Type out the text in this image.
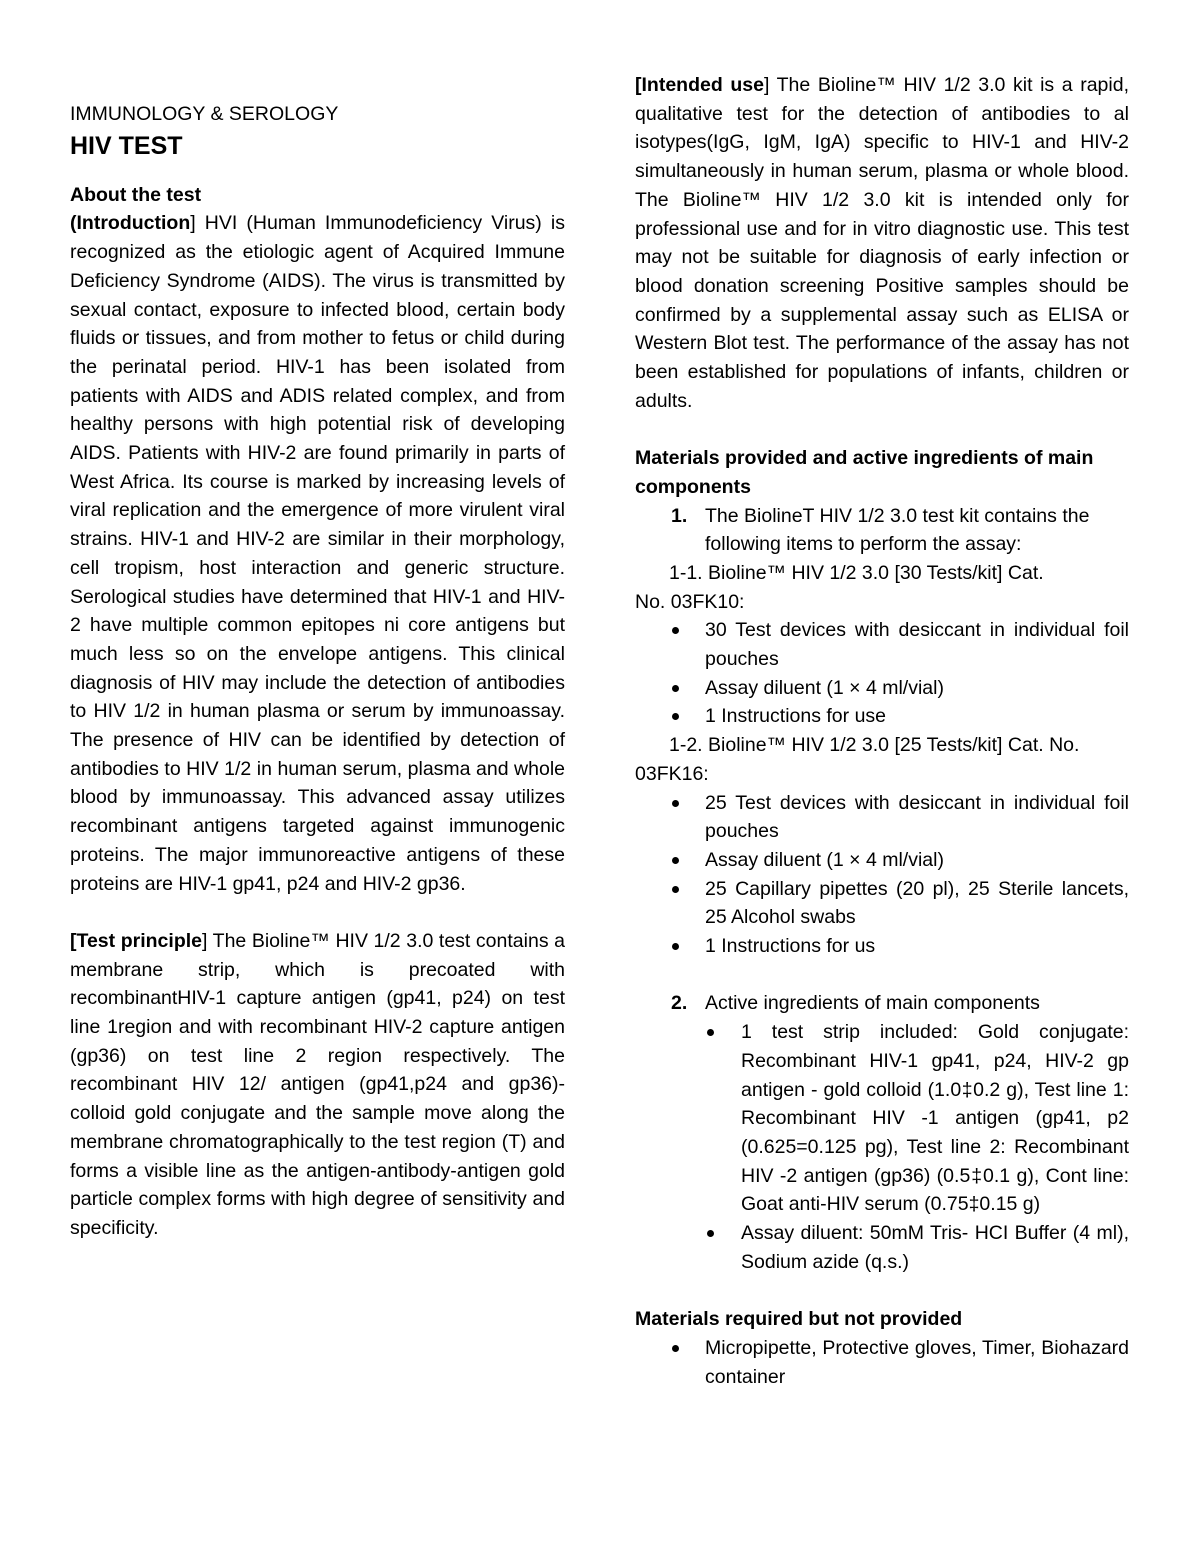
IMMUNOLOGY & SEROLOGY
HIV TEST
About the test

(Introduction] HVI (Human Immunodeficiency Virus) is recognized as the etiologic agent of Acquired Immune Deficiency Syndrome (AIDS). The virus is transmitted by sexual contact, exposure to infected blood, certain body fluids or tissues, and from mother to fetus or child during the perinatal period. HIV-1 has been isolated from patients with AIDS and ADIS related complex, and from healthy persons with high potential risk of developing AIDS. Patients with HIV-2 are found primarily in parts of West Africa. Its course is marked by increasing levels of viral replication and the emergence of more virulent viral strains. HIV-1 and HIV-2 are similar in their morphology, cell tropism, host interaction and generic structure. Serological studies have determined that HIV-1 and HIV-2 have multiple common epitopes ni core antigens but much less so on the envelope antigens. This clinical diagnosis of HIV may include the detection of antibodies to HIV 1/2 in human plasma or serum by immunoassay. The presence of HIV can be identified by detection of antibodies to HIV 1/2 in human serum, plasma and whole blood by immunoassay. This advanced assay utilizes recombinant antigens targeted against immunogenic proteins. The major immunoreactive antigens of these proteins are HIV-1 gp41, p24 and HIV-2 gp36.

[Test principle] The Bioline™ HIV 1/2 3.0 test contains a membrane strip, which is precoated with recombinantHIV-1 capture antigen (gp41, p24) on test line 1region and with recombinant HIV-2 capture antigen (gp36) on test line 2 region respectively. The recombinant HIV 12/ antigen (gp41,p24 and gp36)-colloid gold conjugate and the sample move along the membrane chromatographically to the test region (T) and forms a visible line as the antigen-antibody-antigen gold particle complex forms with high degree of sensitivity and specificity.

[Intended use] The Bioline™ HIV 1/2 3.0 kit is a rapid, qualitative test for the detection of antibodies to al isotypes(IgG, IgM, IgA) specific to HIV-1 and HIV-2 simultaneously in human serum, plasma or whole blood. The Bioline™ HIV 1/2 3.0 kit is intended only for professional use and for in vitro diagnostic use. This test may not be suitable for diagnosis of early infection or blood donation screening Positive samples should be confirmed by a supplemental assay such as ELISA or Western Blot test. The performance of the assay has not been established for populations of infants, children or adults.

Materials provided and active ingredients of main components
1. The BiolineT HIV 1/2 3.0 test kit contains the following items to perform the assay:
1-1. Bioline™ HIV 1/2 3.0 [30 Tests/kit] Cat.
No. 03FK10:
30 Test devices with desiccant in individual foil pouches
Assay diluent (1 × 4 ml/vial)
1 Instructions for use
1-2. Bioline™ HIV 1/2 3.0 [25 Tests/kit] Cat. No. 03FK16:
25 Test devices with desiccant in individual foil pouches
Assay diluent (1 × 4 ml/vial)
25 Capillary pipettes (20 pl), 25 Sterile lancets, 25 Alcohol swabs
1 Instructions for us
2. Active ingredients of main components
1 test strip included: Gold conjugate: Recombinant HIV-1 gp41, p24, HIV-2 gp antigen - gold colloid (1.0‡0.2 g), Test line 1: Recombinant HIV -1 antigen (gp41, p2 (0.625=0.125 pg), Test line 2: Recombinant HIV -2 antigen (gp36) (0.5‡0.1 g), Cont line: Goat anti-HIV serum (0.75‡0.15 g)
Assay diluent: 50mM Tris- HCI Buffer (4 ml), Sodium azide (q.s.)
Materials required but not provided
Micropipette, Protective gloves, Timer, Biohazard container
